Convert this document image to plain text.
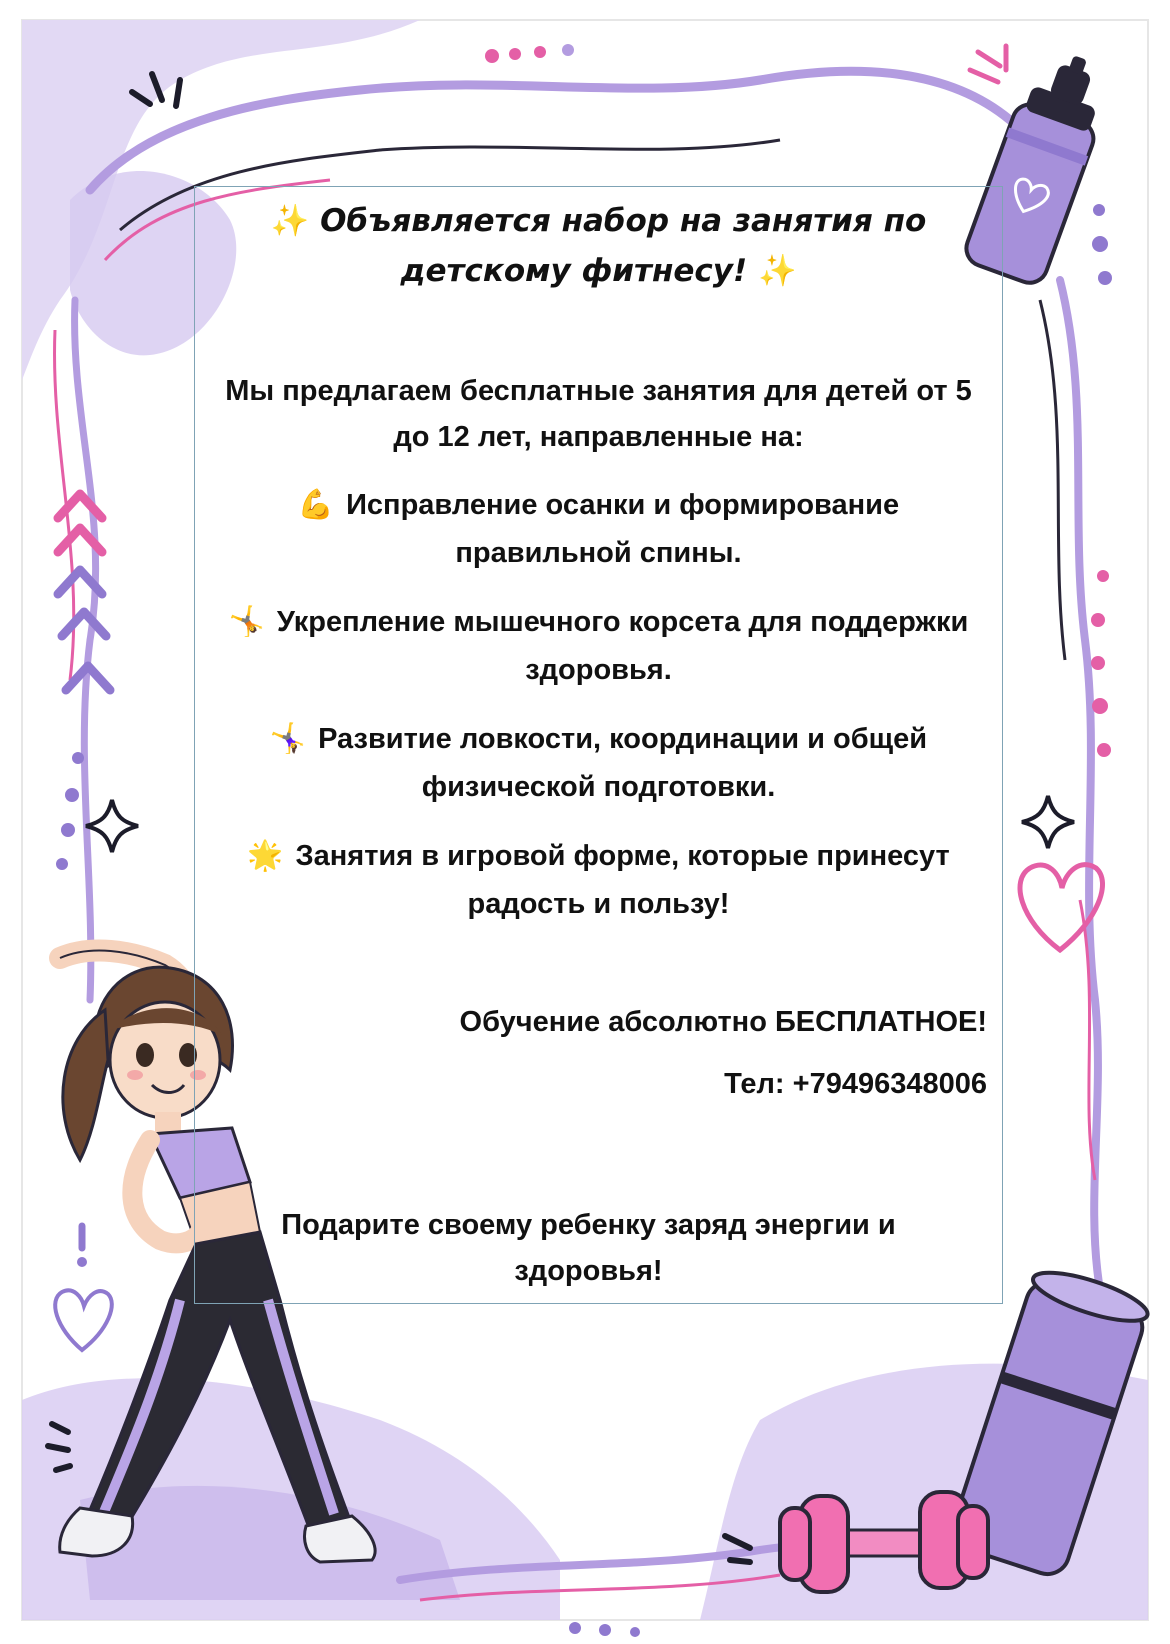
✨ Объявляется набор на занятия по
детскому фитнесу! ✨
Мы предлагаем бесплатные занятия для детей от 5 до 12 лет, направленные на:
💪 Исправление осанки и формирование правильной спины.
🤸 Укрепление мышечного корсета для поддержки здоровья.
🤸‍♀ Развитие ловкости, координации и общей физической подготовки.
🌟 Занятия в игровой форме, которые принесут радость и пользу!
Обучение абсолютно БЕСПЛАТНОЕ!
Тел: +79496348006
Подарите своему ребенку заряд энергии и здоровья!
